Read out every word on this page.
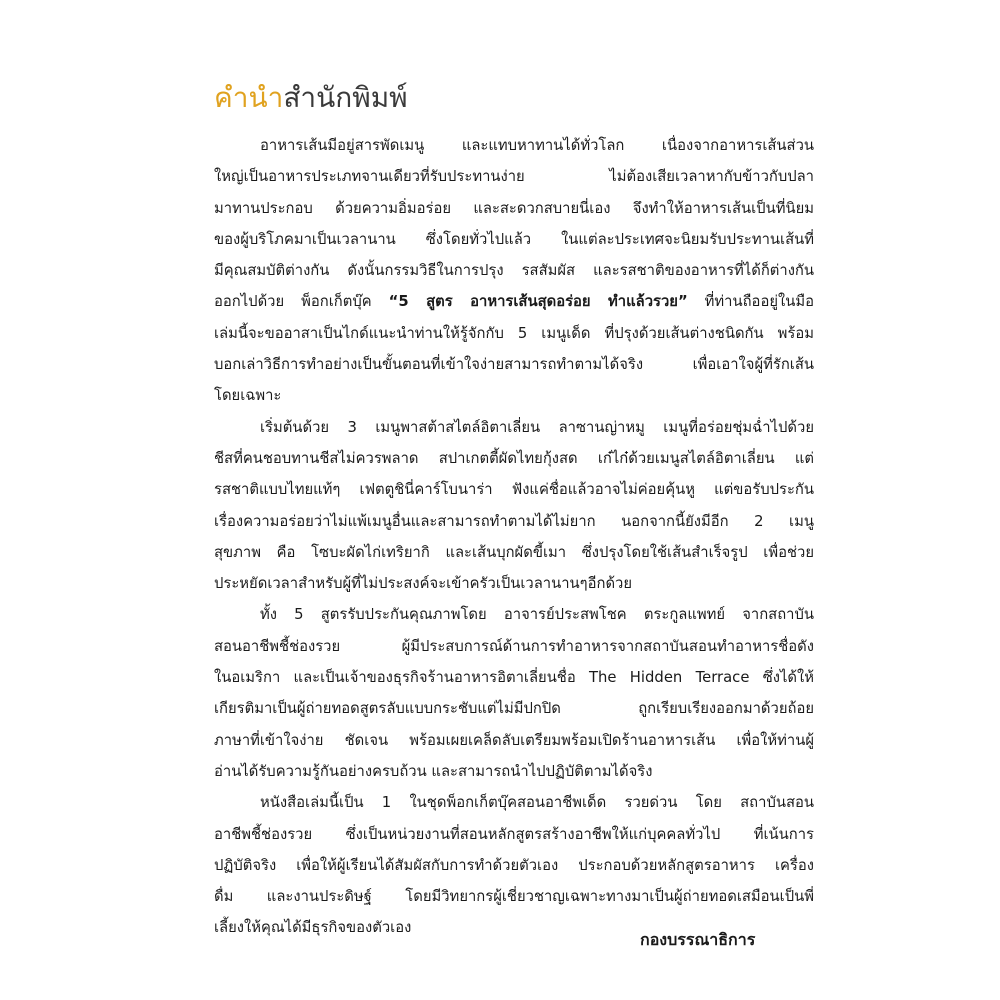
คำนำสำนักพิมพ์
อาหารเส้นมีอยู่สารพัดเมนู และแทบหาทานได้ทั่วโลก เนื่องจากอาหารเส้นส่วน
ใหญ่เป็นอาหารประเภทจานเดียวที่รับประทานง่าย ไม่ต้องเสียเวลาหากับข้าวกับปลา
มาทานประกอบ ด้วยความอิ่มอร่อย และสะดวกสบายนี่เอง จึงทำให้อาหารเส้นเป็นที่นิยม
ของผู้บริโภคมาเป็นเวลานาน ซึ่งโดยทั่วไปแล้ว ในแต่ละประเทศจะนิยมรับประทานเส้นที่
มีคุณสมบัติต่างกัน ดังนั้นกรรมวิธีในการปรุง รสสัมผัส และรสชาติของอาหารที่ได้ก็ต่างกัน
ออกไปด้วย พ็อกเก็ตบุ๊ค “5 สูตร อาหารเส้นสุดอร่อย ทำแล้วรวย” ที่ท่านถืออยู่ในมือ
เล่มนี้จะขออาสาเป็นไกด์แนะนำท่านให้รู้จักกับ 5 เมนูเด็ด ที่ปรุงด้วยเส้นต่างชนิดกัน พร้อม
บอกเล่าวิธีการทำอย่างเป็นขั้นตอนที่เข้าใจง่ายสามารถทำตามได้จริง เพื่อเอาใจผู้ที่รักเส้น
โดยเฉพาะ
เริ่มต้นด้วย 3 เมนูพาสต้าสไตล์อิตาเลี่ยน ลาซานญ่าหมู เมนูที่อร่อยชุ่มฉ่ำไปด้วย
ชีสที่คนชอบทานชีสไม่ควรพลาด สปาเกตตี้ผัดไทยกุ้งสด เก๋ไก๋ด้วยเมนูสไตล์อิตาเลี่ยน แต่
รสชาติแบบไทยแท้ๆ เฟตตูชินี่คาร์โบนาร่า ฟังแค่ชื่อแล้วอาจไม่ค่อยคุ้นหู แต่ขอรับประกัน
เรื่องความอร่อยว่าไม่แพ้เมนูอื่นและสามารถทำตามได้ไม่ยาก นอกจากนี้ยังมีอีก 2 เมนู
สุขภาพ คือ โซบะผัดไก่เทริยากิ และเส้นบุกผัดขี้เมา ซึ่งปรุงโดยใช้เส้นสำเร็จรูป เพื่อช่วย
ประหยัดเวลาสำหรับผู้ที่ไม่ประสงค์จะเข้าครัวเป็นเวลานานๆอีกด้วย
ทั้ง 5 สูตรรับประกันคุณภาพโดย อาจารย์ประสพโชค ตระกูลแพทย์ จากสถาบัน
สอนอาชีพชี้ช่องรวย ผู้มีประสบการณ์ด้านการทำอาหารจากสถาบันสอนทำอาหารชื่อดัง
ในอเมริกา และเป็นเจ้าของธุรกิจร้านอาหารอิตาเลี่ยนชื่อ The Hidden Terrace ซึ่งได้ให้
เกียรติมาเป็นผู้ถ่ายทอดสูตรลับแบบกระชับแต่ไม่มีปกปิด ถูกเรียบเรียงออกมาด้วยถ้อย
ภาษาที่เข้าใจง่าย ชัดเจน พร้อมเผยเคล็ดลับเตรียมพร้อมเปิดร้านอาหารเส้น เพื่อให้ท่านผู้
อ่านได้รับความรู้กันอย่างครบถ้วน และสามารถนำไปปฏิบัติตามได้จริง
หนังสือเล่มนี้เป็น 1 ในชุดพ็อกเก็ตบุ๊คสอนอาชีพเด็ด รวยด่วน โดย สถาบันสอน
อาชีพชี้ช่องรวย ซึ่งเป็นหน่วยงานที่สอนหลักสูตรสร้างอาชีพให้แก่บุคคลทั่วไป ที่เน้นการ
ปฏิบัติจริง เพื่อให้ผู้เรียนได้สัมผัสกับการทำด้วยตัวเอง ประกอบด้วยหลักสูตรอาหาร เครื่อง
ดื่ม และงานประดิษฐ์ โดยมีวิทยากรผู้เชี่ยวชาญเฉพาะทางมาเป็นผู้ถ่ายทอดเสมือนเป็นพี่
เลี้ยงให้คุณได้มีธุรกิจของตัวเอง
กองบรรณาธิการ
